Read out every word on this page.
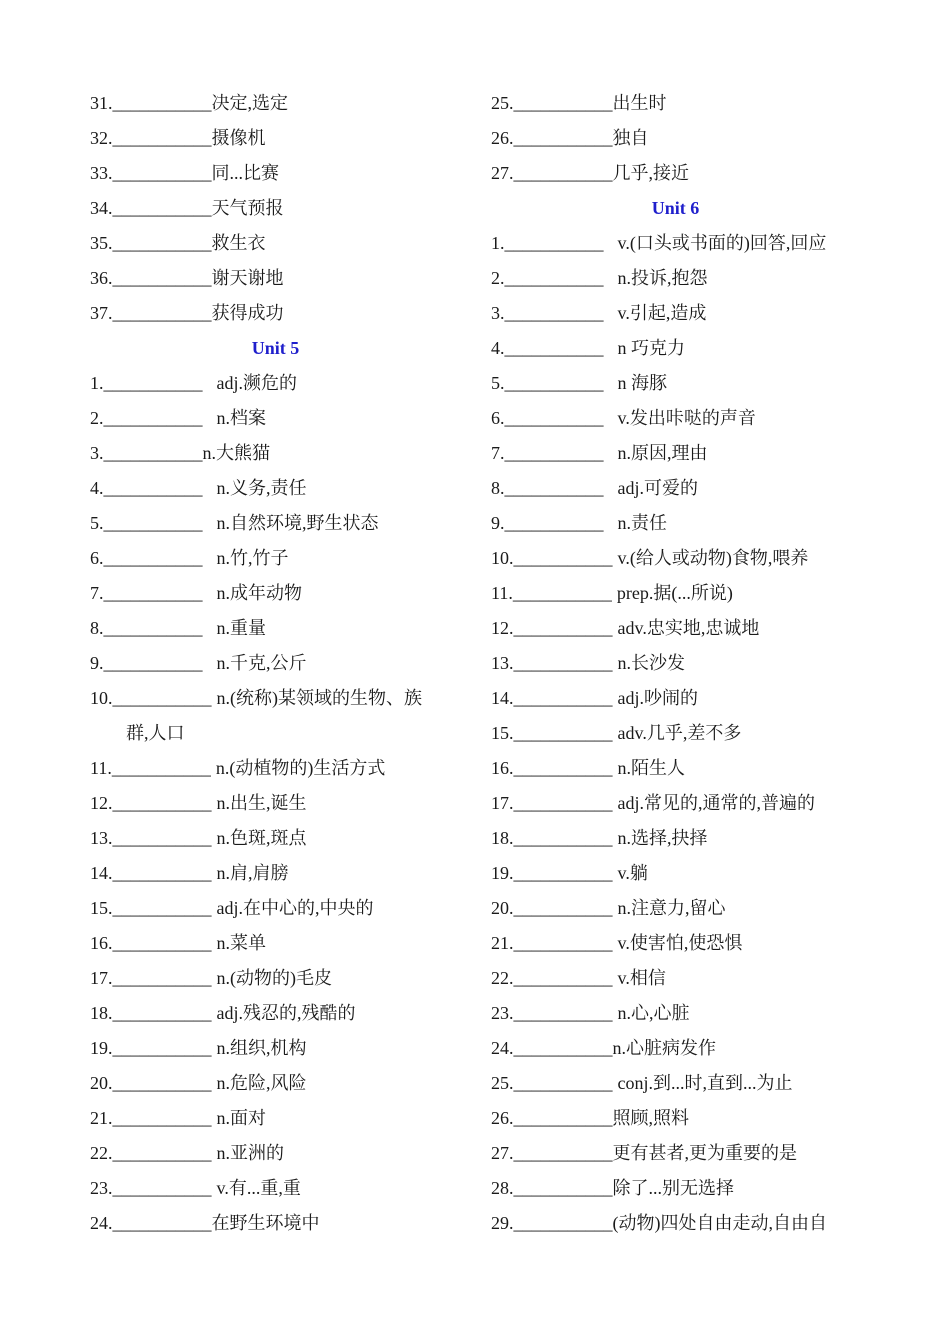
31.___________决定,选定
32.___________摄像机
33.___________同...比赛
34.___________天气预报
35.___________救生衣
36.___________谢天谢地
37.___________获得成功
Unit 5
1.___________ adj.濒危的
2.___________ n.档案
3.___________n.大熊猫
4.___________ n.义务,责任
5.___________ n.自然环境,野生状态
6.___________ n.竹,竹子
7.___________ n.成年动物
8.___________ n.重量
9.___________ n.千克,公斤
10.___________ n.(统称)某领域的生物、族
群,人口
11.___________ n.(动植物的)生活方式
12.___________ n.出生,诞生
13.___________ n.色斑,斑点
14.___________ n.肩,肩膀
15.___________ adj.在中心的,中央的
16.___________ n.菜单
17.___________ n.(动物的)毛皮
18.___________ adj.残忍的,残酷的
19.___________ n.组织,机构
20.___________ n.危险,风险
21.___________ n.面对
22.___________ n.亚洲的
23.___________ v.有...重,重
24.___________在野生环境中
25.___________出生时
26.___________独自
27.___________几乎,接近
Unit 6
1.___________ v.(口头或书面的)回答,回应
2.___________ n.投诉,抱怨
3.___________ v.引起,造成
4.___________ n 巧克力
5.___________ n 海豚
6.___________ v.发出咔哒的声音
7.___________ n.原因,理由
8.___________ adj.可爱的
9.___________ n.责任
10.___________ v.(给人或动物)食物,喂养
11.___________ prep.据(...所说)
12.___________ adv.忠实地,忠诚地
13.___________ n.长沙发
14.___________ adj.吵闹的
15.___________ adv.几乎,差不多
16.___________ n.陌生人
17.___________ adj.常见的,通常的,普遍的
18.___________ n.选择,抉择
19.___________ v.躺
20.___________ n.注意力,留心
21.___________ v.使害怕,使恐惧
22.___________ v.相信
23.___________ n.心,心脏
24.___________n.心脏病发作
25.___________ conj.到...时,直到...为止
26.___________照顾,照料
27.___________更有甚者,更为重要的是
28.___________除了...别无选择
29.___________(动物)四处自由走动,自由自
